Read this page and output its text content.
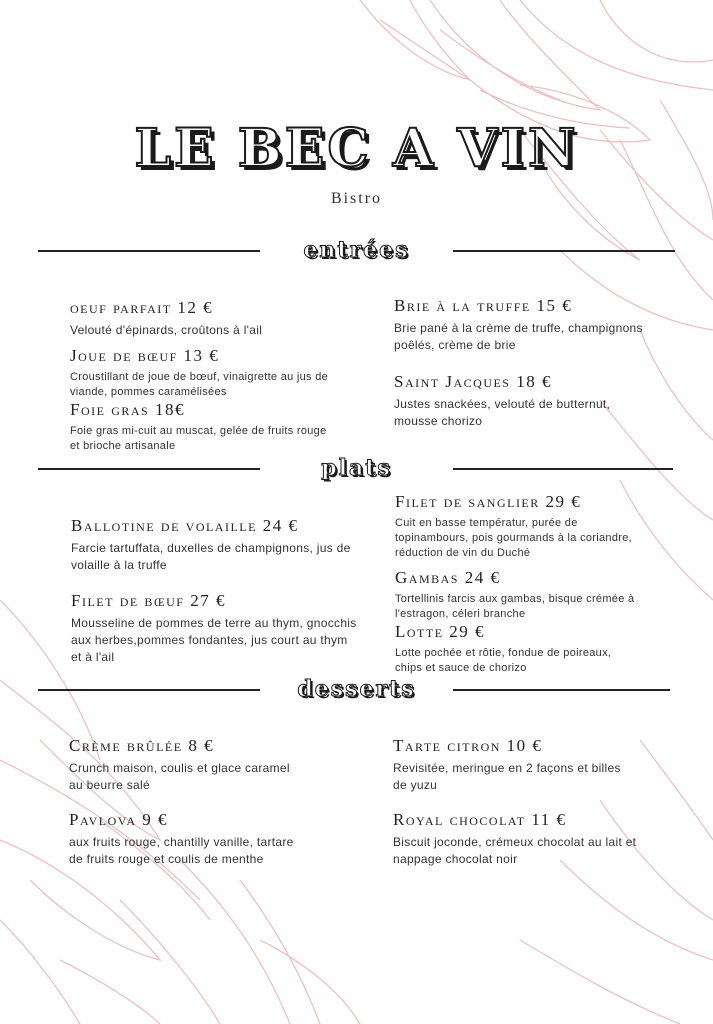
LE BEC A VIN
Bistro
entrées
oeuf parfait 12 €
Velouté d'épinards, croûtons à l'ail
Joue de bœuf 13 €
Croustillant de joue de bœuf, vinaigrette au jus de viande, pommes caramélisées
Foie gras 18€
Foie gras mi-cuit au muscat, gelée de fruits rouge et brioche artisanale
Brie à la truffe 15 €
Brie pané à la crème de truffe, champignons poêlés, crème de brie
Saint Jacques 18 €
Justes snackées, velouté de butternut, mousse chorizo
plats
Ballotine de volaille 24 €
Farcie tartuffata, duxelles de champignons, jus de volaille à la truffe
Filet de bœuf 27 €
Mousseline de pommes de terre au thym, gnocchis aux herbes,pommes fondantes, jus court au thym et à l'ail
Filet de sanglier 29 €
Cuit en basse températur, purée de topinambours, pois gourmands à la coriandre, réduction de vin du Duché
Gambas 24 €
Tortellinis farcis aux gambas, bisque crémée à l'estragon, céleri branche
Lotte 29 €
Lotte pochée et rôtie, fondue de poireaux, chips et sauce de chorizo
desserts
Crème brûlée 8 €
Crunch maison, coulis et glace caramel au beurre salé
Pavlova 9 €
aux fruits rouge, chantilly vanille, tartare de fruits rouge et coulis de menthe
Tarte citron 10 €
Revisitée, meringue en 2 façons et billes de yuzu
Royal chocolat 11 €
Biscuit joconde, crémeux chocolat au lait et nappage chocolat noir
